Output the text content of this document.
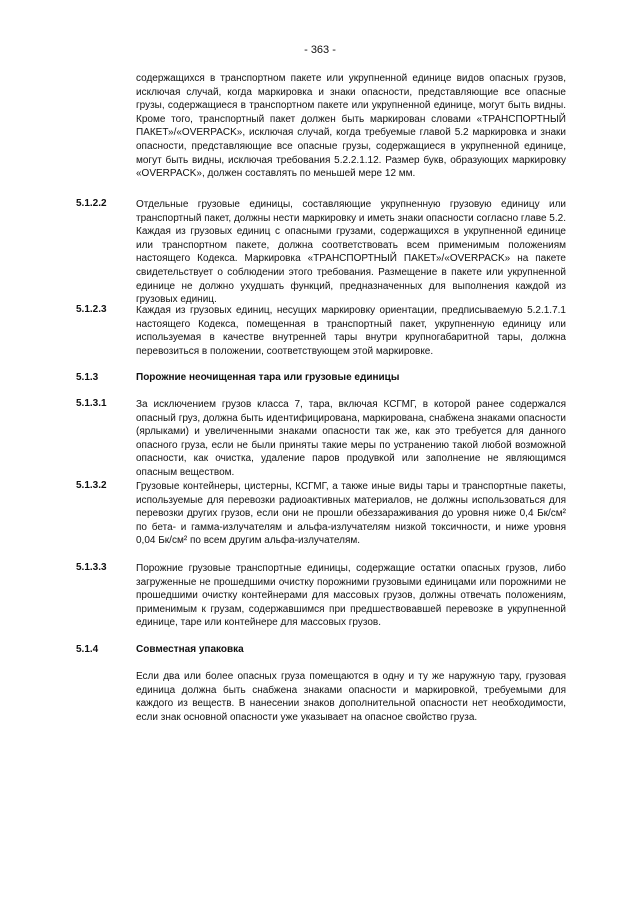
- 363 -
содержащихся в транспортном пакете или укрупненной единице видов опасных грузов, исключая случай, когда маркировка и знаки опасности, представляющие все опасные грузы, содержащиеся в транспортном пакете или укрупненной единице, могут быть видны. Кроме того, транспортный пакет должен быть маркирован словами «ТРАНСПОРТНЫЙ ПАКЕТ»/«OVERPACK», исключая случай, когда требуемые главой 5.2 маркировка и знаки опасности, представляющие все опасные грузы, содержащиеся в укрупненной единице, могут быть видны, исключая требования 5.2.2.1.12. Размер букв, образующих маркировку «OVERPACK», должен составлять по меньшей мере 12 мм.
5.1.2.2	Отдельные грузовые единицы, составляющие укрупненную грузовую единицу или транспортный пакет, должны нести маркировку и иметь знаки опасности согласно главе 5.2. Каждая из грузовых единиц с опасными грузами, содержащихся в укрупненной единице или транспортном пакете, должна соответствовать всем применимым положениям настоящего Кодекса. Маркировка «ТРАНСПОРТНЫЙ ПАКЕТ»/«OVERPACK» на пакете свидетельствует о соблюдении этого требования. Размещение в пакете или укрупненной единице не должно ухудшать функций, предназначенных для выполнения каждой из грузовых единиц.
5.1.2.3	Каждая из грузовых единиц, несущих маркировку ориентации, предписываемую 5.2.1.7.1 настоящего Кодекса, помещенная в транспортный пакет, укрупненную единицу или используемая в качестве внутренней тары внутри крупногабаритной тары, должна перевозиться в положении, соответствующем этой маркировке.
5.1.3	Порожние неочищенная тара или грузовые единицы
5.1.3.1	За исключением грузов класса 7, тара, включая КСГМГ, в которой ранее содержался опасный груз, должна быть идентифицирована, маркирована, снабжена знаками опасности (ярлыками) и увеличенными знаками опасности так же, как это требуется для данного опасного груза, если не были приняты такие меры по устранению такой любой возможной опасности, как очистка, удаление паров продувкой или заполнение не являющимся опасным веществом.
5.1.3.2	Грузовые контейнеры, цистерны, КСГМГ, а также иные виды тары и транспортные пакеты, используемые для перевозки радиоактивных материалов, не должны использоваться для перевозки других грузов, если они не прошли обеззараживания до уровня ниже 0,4 Бк/см² по бета- и гамма-излучателям и альфа-излучателям низкой токсичности, и ниже уровня 0,04 Бк/см² по всем другим альфа-излучателям.
5.1.3.3	Порожние грузовые транспортные единицы, содержащие остатки опасных грузов, либо загруженные не прошедшими очистку порожними грузовыми единицами или порожними не прошедшими очистку контейнерами для массовых грузов, должны отвечать положениям, применимым к грузам, содержавшимся при предшествовавшей перевозке в укрупненной единице, таре или контейнере для массовых грузов.
5.1.4	Совместная упаковка
Если два или более опасных груза помещаются в одну и ту же наружную тару, грузовая единица должна быть снабжена знаками опасности и маркировкой, требуемыми для каждого из веществ. В нанесении знаков дополнительной опасности нет необходимости, если знак основной опасности уже указывает на опасное свойство груза.
